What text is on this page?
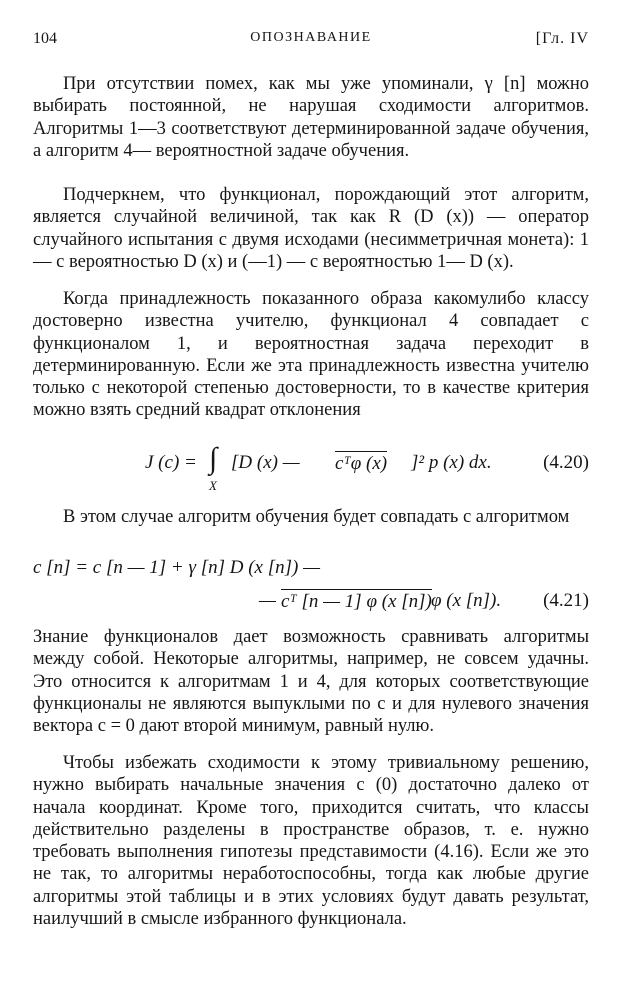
104	ОПОЗНАВАНИЕ	[Гл. IV

При отсутствии помех, как мы уже упоминали, γ [n] можно выбирать постоянной, не нарушая сходимости алгоритмов. Алгоритмы 1—3 соответствуют детерминированной задаче обучения, а алгоритм 4— вероятностной задаче обучения.

Подчеркнем, что функционал, порождающий этот алгоритм, является случайной величиной, так как R (D (x)) — оператор случайного испытания с двумя исходами (несимметричная монета): 1— с вероятностью D (x) и (—1) — с вероятностью 1— D (x).

Когда принадлежность показанного образа какомулибо классу достоверно известна учителю, функционал 4 совпадает с функционалом 1, и вероятностная задача переходит в детерминированную. Если же эта принадлежность известна учителю только с некоторой степенью достоверности, то в качестве критерия можно взять средний квадрат отклонения

J (c) = ∫
X
[D (x) — cᵀφ (x) ]² p (x) dx.	(4.20)

В этом случае алгоритм обучения будет совпадать с алгоритмом

c [n] = c [n — 1] + γ [n] D (x [n]) —
— cᵀ [n — 1] φ (x [n]) φ (x [n]). (4.21)

Знание функционалов дает возможность сравнивать алгоритмы между собой. Некоторые алгоритмы, например, не совсем удачны. Это относится к алгоритмам 1 и 4, для которых соответствующие функционалы не являются выпуклыми по c и для нулевого значения вектора c = 0 дают второй минимум, равный нулю.

Чтобы избежать сходимости к этому тривиальному решению, нужно выбирать начальные значения c (0) достаточно далеко от начала координат. Кроме того, приходится считать, что классы действительно разделены в пространстве образов, т. е. нужно требовать выполнения гипотезы представимости (4.16). Если же это не так, то алгоритмы неработоспособны, тогда как любые другие алгоритмы этой таблицы и в этих условиях будут давать результат, наилучший в смысле избранного функционала.
